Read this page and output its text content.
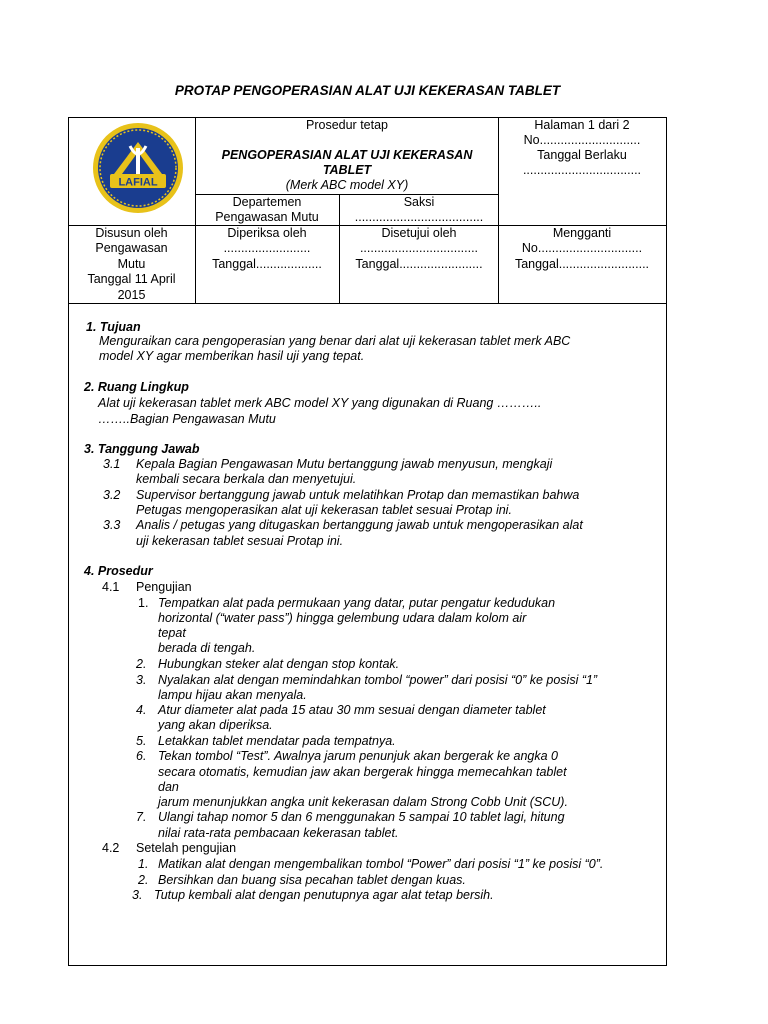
PROTAP PENGOPERASIAN ALAT UJI KEKERASAN TABLET
LAFIAL
Prosedur tetap
PENGOPERASIAN ALAT UJI KEKERASAN
TABLET
(Merk ABC model XY)
Departemen
Pengawasan Mutu
Saksi
.....................................
Halaman 1 dari 2
No.............................
Tanggal Berlaku
..................................
Disusun oleh
Pengawasan
Mutu
Tanggal 11 April
2015
Diperiksa oleh
.........................
Tanggal...................
Disetujui oleh
..................................
Tanggal........................
Mengganti
No..............................
Tanggal..........................
1. Tujuan
Menguraikan cara pengoperasian yang benar dari alat uji kekerasan tablet merk ABC
model XY agar memberikan hasil uji yang tepat.
2. Ruang Lingkup
Alat uji kekerasan tablet merk ABC model XY yang digunakan di Ruang ………..
……..Bagian Pengawasan Mutu
3. Tanggung Jawab
3.1 Kepala Bagian Pengawasan Mutu bertanggung jawab menyusun, mengkaji
kembali secara berkala dan menyetujui.
3.2 Supervisor bertanggung jawab untuk melatihkan Protap dan memastikan bahwa
Petugas mengoperasikan alat uji kekerasan tablet sesuai Protap ini.
3.3 Analis / petugas yang ditugaskan bertanggung jawab untuk mengoperasikan alat
uji kekerasan tablet sesuai Protap ini.
4. Prosedur
4.1 Pengujian
1. Tempatkan alat pada permukaan yang datar, putar pengatur kedudukan
horizontal (“water pass”) hingga gelembung udara dalam kolom air
tepat
berada di tengah.
2. Hubungkan steker alat dengan stop kontak.
3. Nyalakan alat dengan memindahkan tombol “power” dari posisi “0” ke posisi “1”
lampu hijau akan menyala.
4. Atur diameter alat pada 15 atau 30 mm sesuai dengan diameter tablet
yang akan diperiksa.
5. Letakkan tablet mendatar pada tempatnya.
6. Tekan tombol “Test”. Awalnya jarum penunjuk akan bergerak ke angka 0
secara otomatis, kemudian jaw akan bergerak hingga memecahkan tablet
dan
jarum menunjukkan angka unit kekerasan dalam Strong Cobb Unit (SCU).
7. Ulangi tahap nomor 5 dan 6 menggunakan 5 sampai 10 tablet lagi, hitung
nilai rata-rata pembacaan kekerasan tablet.
4.2 Setelah pengujian
1. Matikan alat dengan mengembalikan tombol “Power” dari posisi “1” ke posisi “0”.
2. Bersihkan dan buang sisa pecahan tablet dengan kuas.
3. Tutup kembali alat dengan penutupnya agar alat tetap bersih.
